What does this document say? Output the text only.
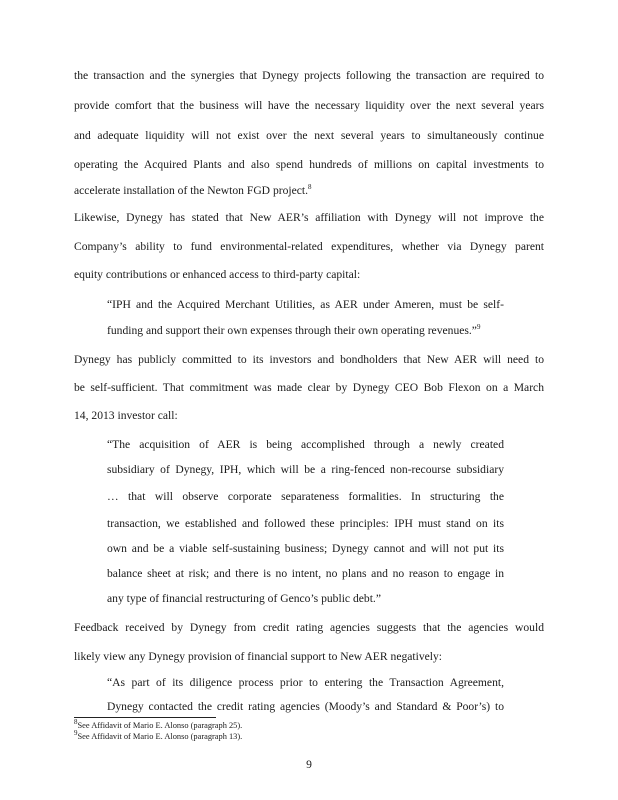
the transaction and the synergies that Dynegy projects following the transaction are required to
provide comfort that the business will have the necessary liquidity over the next several years
and adequate liquidity will not exist over the next several years to simultaneously continue
operating the Acquired Plants and also spend hundreds of millions on capital investments to
accelerate installation of the Newton FGD project.$^8$
Likewise, Dynegy has stated that New AER’s affiliation with Dynegy will not improve the
Company’s ability to fund environmental-related expenditures, whether via Dynegy parent
equity contributions or enhanced access to third-party capital:
“IPH and the Acquired Merchant Utilities, as AER under Ameren, must be self-
funding and support their own expenses through their own operating revenues.”$^9$
Dynegy has publicly committed to its investors and bondholders that New AER will need to
be self-sufficient. That commitment was made clear by Dynegy CEO Bob Flexon on a March
14, 2013 investor call:
“The acquisition of AER is being accomplished through a newly created
subsidiary of Dynegy, IPH, which will be a ring-fenced non-recourse subsidiary
… that will observe corporate separateness formalities. In structuring the
transaction, we established and followed these principles: IPH must stand on its
own and be a viable self-sustaining business; Dynegy cannot and will not put its
balance sheet at risk; and there is no intent, no plans and no reason to engage in
any type of financial restructuring of Genco’s public debt.”
Feedback received by Dynegy from credit rating agencies suggests that the agencies would
likely view any Dynegy provision of financial support to New AER negatively:
“As part of its diligence process prior to entering the Transaction Agreement,
Dynegy contacted the credit rating agencies (Moody’s and Standard & Poor’s) to
$^8$See Affidavit of Mario E. Alonso (paragraph 25).
$^9$See Affidavit of Mario E. Alonso (paragraph 13).
9
